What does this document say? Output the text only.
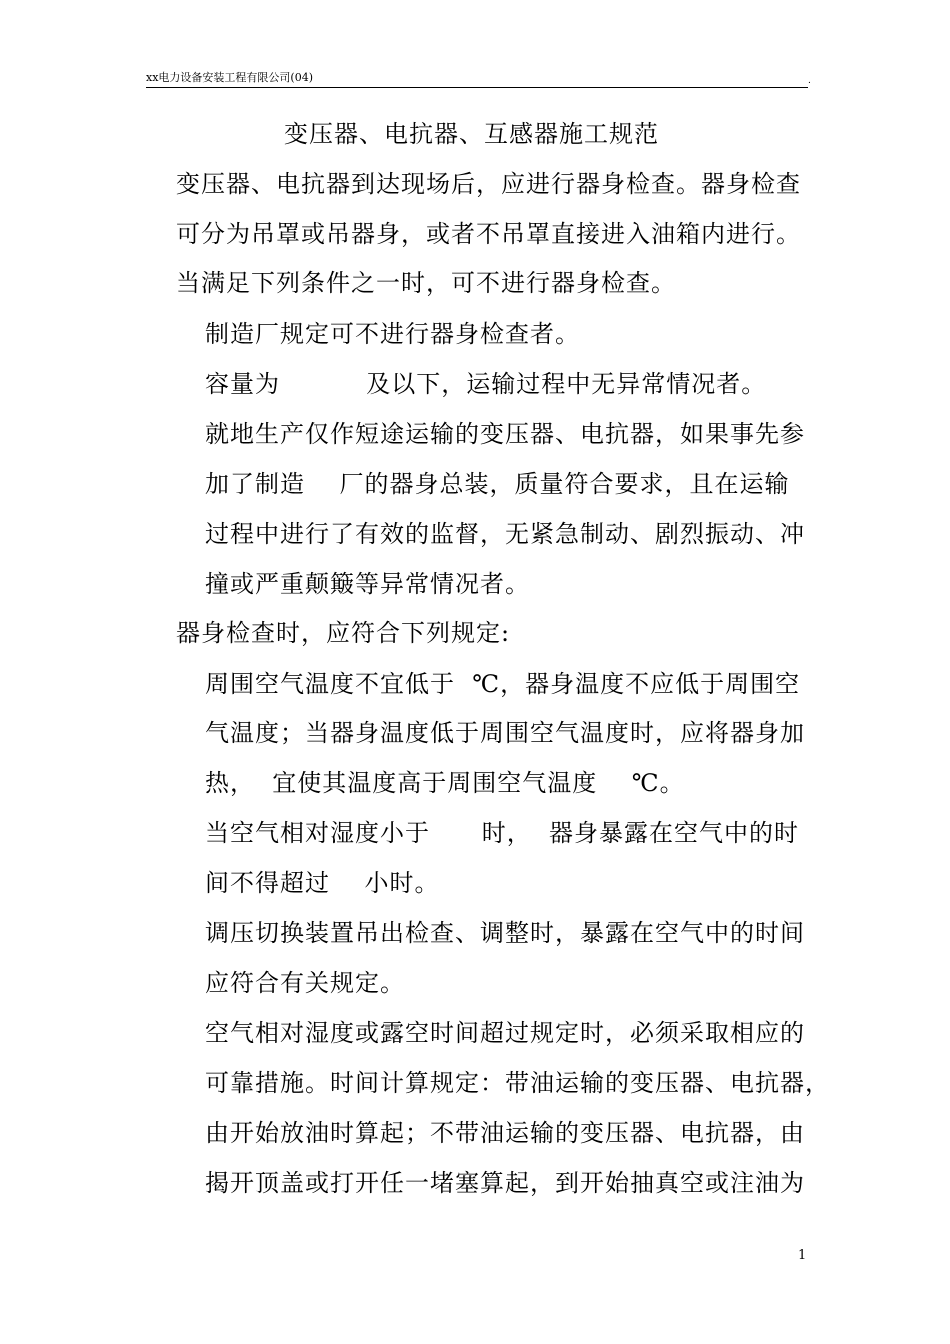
xx电力设备安装工程有限公司(04)	.
变压器、电抗器、互感器施工规范
变压器、电抗器到达现场后，应进行器身检查。器身检查
可分为吊罩或吊器身，或者不吊罩直接进入油箱内进行。
当满足下列条件之一时，可不进行器身检查。
制造厂规定可不进行器身检查者。
容量为          及以下，运输过程中无异常情况者。
就地生产仅作短途运输的变压器、电抗器，如果事先参
加了制造    厂的器身总装，质量符合要求，且在运输
过程中进行了有效的监督，无紧急制动、剧烈振动、冲
撞或严重颠簸等异常情况者。
器身检查时，应符合下列规定:
周围空气温度不宜低于  ℃，器身温度不应低于周围空
气温度；当器身温度低于周围空气温度时，应将器身加
热，  宜使其温度高于周围空气温度    ℃。
当空气相对湿度小于      时，  器身暴露在空气中的时
间不得超过    小时。
调压切换装置吊出检查、调整时，暴露在空气中的时间
应符合有关规定。
空气相对湿度或露空时间超过规定时，必须采取相应的
可靠措施。时间计算规定：带油运输的变压器、电抗器，
由开始放油时算起；不带油运输的变压器、电抗器，由
揭开顶盖或打开任一堵塞算起，到开始抽真空或注油为
1
